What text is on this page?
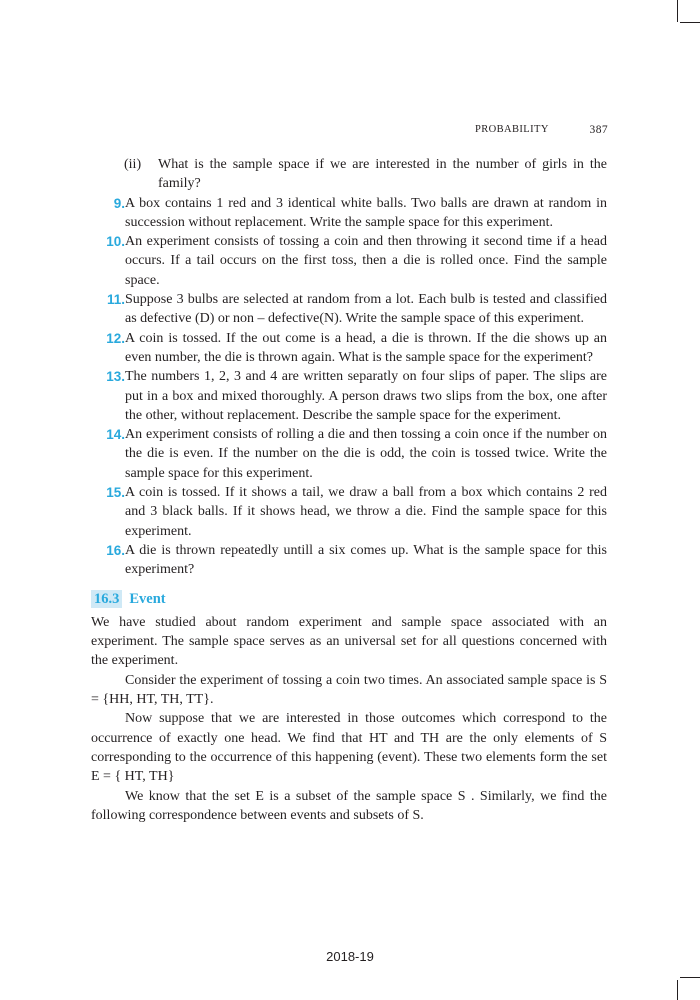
PROBABILITY	387
(ii)	What is the sample space if we are interested in the number of girls in the family?
9. A box contains 1 red and 3 identical white balls. Two balls are drawn at random in succession without replacement. Write the sample space for this experiment.
10. An experiment consists of tossing a coin and then throwing it second time if a head occurs. If a tail occurs on the first toss, then a die is rolled once. Find the sample space.
11. Suppose 3 bulbs are selected at random from a lot. Each bulb is tested and classified as defective (D) or non – defective(N). Write the sample space of this experiment.
12. A coin is tossed. If the out come is a head, a die is thrown. If the die shows up an even number, the die is thrown again. What is the sample space for the experiment?
13. The numbers 1, 2, 3 and 4 are written separatly on four slips of paper. The slips are put in a box and mixed thoroughly. A person draws two slips from the box, one after the other, without replacement. Describe the sample space for the experiment.
14. An experiment consists of rolling a die and then tossing a coin once if the number on the die is even. If the number on the die is odd, the coin is tossed twice. Write the sample space for this experiment.
15. A coin is tossed. If it shows a tail, we draw a ball from a box which contains 2 red and 3 black balls. If it shows head, we throw a die. Find the sample space for this experiment.
16. A die is thrown repeatedly untill a six comes up. What is the sample space for this experiment?
16.3 Event
We have studied about random experiment and sample space associated with an experiment. The sample space serves as an universal set for all questions concerned with the experiment.
Consider the experiment of tossing a coin two times. An associated sample space is S = {HH, HT, TH, TT}.
Now suppose that we are interested in those outcomes which correspond to the occurrence of exactly one head. We find that HT and TH are the only elements of S corresponding to the occurrence of this happening (event). These two elements form the set E = { HT, TH}
We know that the set E is a subset of the sample space S . Similarly, we find the following correspondence between events and subsets of S.
2018-19
